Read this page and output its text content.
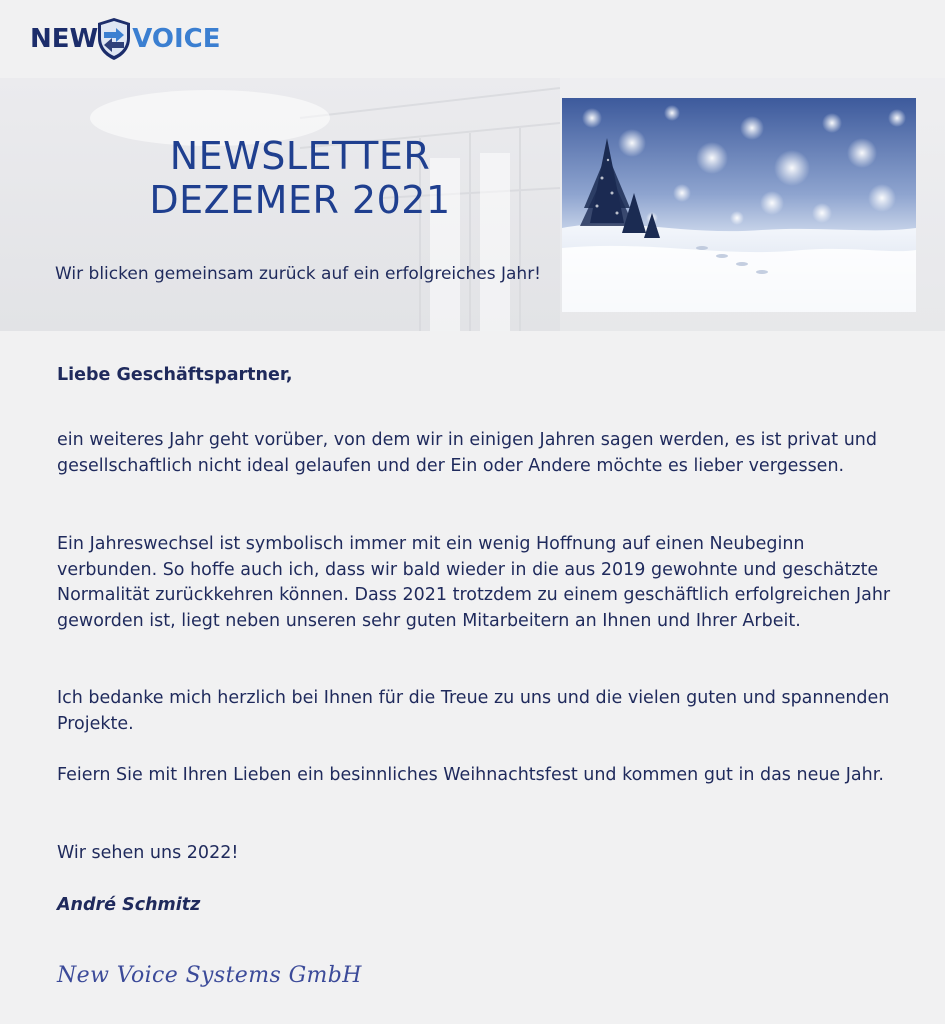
NEW VOICE
NEWSLETTER
DEZEMER 2021
Wir blicken gemeinsam zurück auf ein erfolgreiches Jahr!

Liebe Geschäftspartner,

ein weiteres Jahr geht vorüber, von dem wir in einigen Jahren sagen werden, es ist privat und gesellschaftlich nicht ideal gelaufen und der Ein oder Andere möchte es lieber vergessen.

Ein Jahreswechsel ist symbolisch immer mit ein wenig Hoffnung auf einen Neubeginn verbunden. So hoffe auch ich, dass wir bald wieder in die aus 2019 gewohnte und geschätzte Normalität zurückkehren können. Dass 2021 trotzdem zu einem geschäftlich erfolgreichen Jahr geworden ist, liegt neben unseren sehr guten Mitarbeitern an Ihnen und Ihrer Arbeit.

Ich bedanke mich herzlich bei Ihnen für die Treue zu uns und die vielen guten und spannenden Projekte.

Feiern Sie mit Ihren Lieben ein besinnliches Weihnachtsfest und kommen gut in das neue Jahr.

Wir sehen uns 2022!

André Schmitz

New Voice Systems GmbH
